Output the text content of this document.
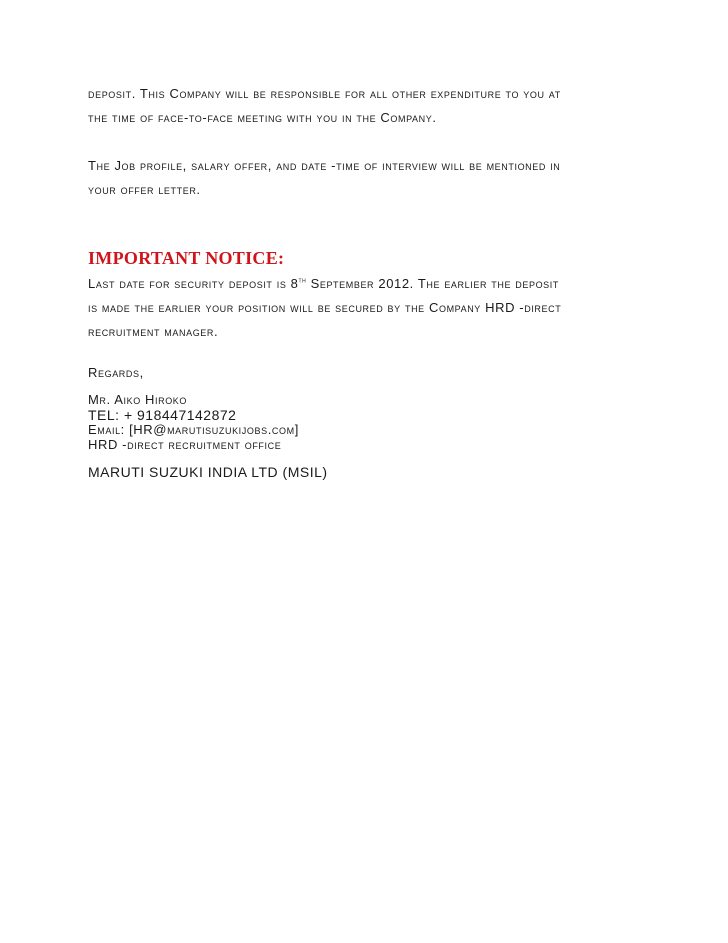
deposit. This Company will be responsible for all other expenditure to you at
the time of face-to-face meeting with you in the Company.

The Job profile, salary offer, and date -time of interview will be mentioned in
your offer letter.

IMPORTANT NOTICE:

Last date for security deposit is 8th September 2012. The earlier the deposit
is made the earlier your position will be secured by the Company HRD -direct
recruitment manager.

Regards,

Mr. Aiko Hiroko

TEL: + 918447142872

Email: [HR@marutisuzukijobs.com]

HRD -direct recruitment office

MARUTI SUZUKI INDIA LTD (MSIL)
